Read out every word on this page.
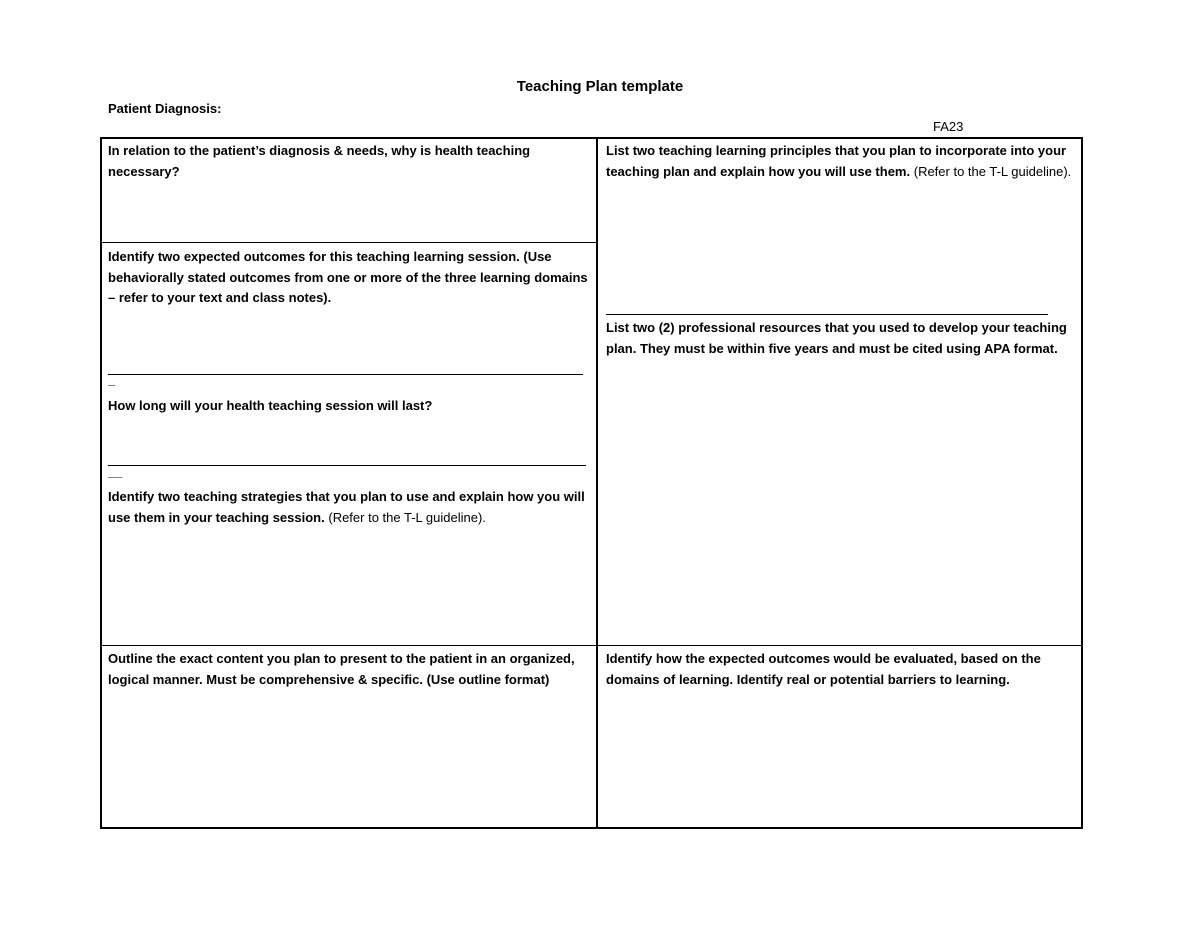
Teaching Plan template
Patient Diagnosis:
FA23
In relation to the patient’s diagnosis & needs, why is health teaching necessary?
Identify two expected outcomes for this teaching learning session. (Use behaviorally stated outcomes from one or more of the three learning domains – refer to your text and class notes).
_
How long will your health teaching session will last?
__
Identify two teaching strategies that you plan to use and explain how you will use them in your teaching session. (Refer to the T-L guideline).
Outline the exact content you plan to present to the patient in an organized, logical manner. Must be comprehensive & specific. (Use outline format)
List two teaching learning principles that you plan to incorporate into your teaching plan and explain how you will use them. (Refer to the T-L guideline).
List two (2) professional resources that you used to develop your teaching plan. They must be within five years and must be cited using APA format.
Identify how the expected outcomes would be evaluated, based on the domains of learning. Identify real or potential barriers to learning.
